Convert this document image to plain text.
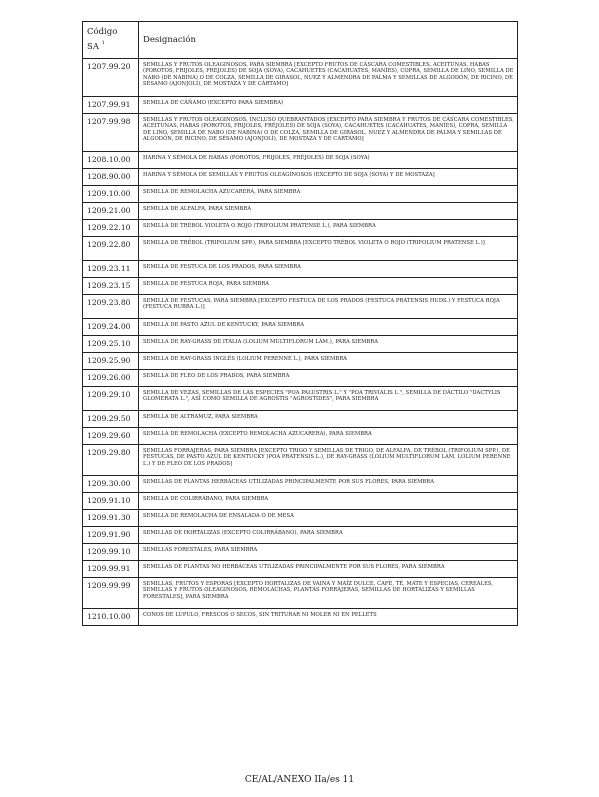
Código
SA $^1$	Designación
1207.99.20	SEMILLAS Y FRUTOS OLEAGINOSOS, PARA SIEMBRA [EXCEPTO FRUTOS DE CÁSCARA COMESTIBLES, ACEITUNAS, HABAS (POROTOS, FRIJOLES, FRÉJOLES) DE SOJA (SOYA), CACAHUETES (CACAHUATES, MANÍES), COPRA, SEMILLA DE LINO, SEMILLA DE NABO (DE NABINA) O DE COLZA, SEMILLA DE GIRASOL, NUEZ Y ALMENDRA DE PALMA Y SEMILLAS DE ALGODÓN, DE RICINO, DE SÉSAMO (AJONJOLÍ), DE MOSTAZA Y DE CÁRTAMO]
1207.99.91	SEMILLA DE CÁÑAMO (EXCEPTO PARA SIEMBRA)
1207.99.98	SEMILLAS Y FRUTOS OLEAGINOSOS, INCLUSO QUEBRANTADOS [EXCEPTO PARA SIEMBRA Y FRUTOS DE CÁSCARA COMESTIBLES, ACEITUNAS, HABAS (POROTOS, FRIJOLES, FRÉJOLES) DE SOJA (SOYA), CACAHUETES (CACAHUATES, MANÍES), COPRA, SEMILLA DE LINO, SEMILLA DE NABO (DE NABINA) O DE COLZA, SEMILLA DE GIRASOL, NUEZ Y ALMENDRA DE PALMA Y SEMILLAS DE ALGODÓN, DE RICINO, DE SÉSAMO (AJONJOLÍ), DE MOSTAZA Y DE CÁRTAMO]
1208.10.00	HARINA Y SÉMOLA DE HABAS (POROTOS, FRIJOLES, FRÉJOLES) DE SOJA (SOYA)
1208.90.00	HARINA Y SÉMOLA DE SEMILLAS Y FRUTOS OLEAGINOSOS (EXCEPTO DE SOJA (SOYA) Y DE MOSTAZA]
1209.10.00	SEMILLA DE REMOLACHA AZUCARERA, PARA SIEMBRA
1209.21.00	SEMILLA DE ALFALFA, PARA SIEMBRA
1209.22.10	SEMILLA DE TRÉBOL VIOLETA O ROJO (TRIFOLIUM PRATENSE L.), PARA SIEMBRA
1209.22.80	SEMILLA DE TRÉBOL (TRIFOLIUM SPP.), PARA SIEMBRA [EXCEPTO TRÉBOL VIOLETA O ROJO (TRIFOLIUM PRATENSE L.)]
1209.23.11	SEMILLA DE FESTUCA DE LOS PRADOS, PARA SIEMBRA
1209.23.15	SEMILLA DE FESTUCA ROJA, PARA SIEMBRA
1209.23.80	SEMILLA DE FESTUCAS, PARA SIEMBRA [EXCEPTO FESTUCA DE LOS PRADOS (FESTUCA PRATENSIS HUDS.) Y FESTUCA ROJA (FESTUCA RUBRA L.)]
1209.24.00	SEMILLA DE PASTO AZUL DE KENTUCKY, PARA SIEMBRA
1209.25.10	SEMILLA DE RAY-GRASS DE ITALIA (LOLIUM MULTIFLORUM LAM.), PARA SIEMBRA
1209.25.90	SEMILLA DE RAY-GRASS INGLÉS (LOLIUM PERENNE L.), PARA SIEMBRA
1209.26.00	SEMILLA DE FLEO DE LOS PRADOS, PARA SIEMBRA
1209.29.10	SEMILLA DE VEZAS, SEMILLAS DE LAS ESPECIES "POA PALUSTRIS L." Y "POA TRIVIALIS L.", SEMILLA DE DÁCTILO "DACTYLIS GLOMERATA L.", ASÍ COMO SEMILLA DE AGROSTIS "AGROSTIDES", PARA SIEMBRA
1209.29.50	SEMILLA DE ALTRAMUZ, PARA SIEMBRA
1209.29.60	SEMILLA DE REMOLACHA (EXCEPTO REMOLACHA AZUCARERA), PARA SIEMBRA
1209.29.80	SEMILLAS FORRAJERAS, PARA SIEMBRA [EXCEPTO TRIGO Y SEMILLAS DE TRIGO, DE ALFALFA, DE TRÉBOL (TRIFOLIUM SPP.), DE FESTUCAS, DE PASTO AZUL DE KENTUCKY (POA PRATENSIS L.), DE RAY-GRASS (LOLIUM MULTIFLORUM LAM, LOLIUM PERENNE L.) Y DE FLEO DE LOS PRADOS]
1209.30.00	SEMILLAS DE PLANTAS HERBÁCEAS UTILIZADAS PRINCIPALMENTE POR SUS FLORES, PARA SIEMBRA
1209.91.10	SEMILLA DE COLIRRÁBANO, PARA SIEMBRA
1209.91.30	SEMILLA DE REMOLACHA DE ENSALADA O DE MESA
1209.91.90	SEMILLAS DE HORTALIZAS (EXCEPTO COLIRRÁBANO), PARA SIEMBRA
1209.99.10	SEMILLAS FORESTALES, PARA SIEMBRA
1209.99.91	SEMILLAS DE PLANTAS NO HERBÁCEAS UTILIZADAS PRINCIPALMENTE POR SUS FLORES, PARA SIEMBRA
1209.99.99	SEMILLAS, FRUTOS Y ESPORAS [EXCEPTO HORTALIZAS DE VAINA Y MAÍZ DULCE, CAFÉ, TÉ, MATE Y ESPECIAS, CEREALES, SEMILLAS Y FRUTOS OLEAGINOSOS, REMOLACHAS, PLANTAS FORRAJERAS, SEMILLAS DE HORTALIZAS Y SEMILLAS FORESTALES], PARA SIEMBRA
1210.10.00	CONOS DE LÚPULO, FRESCOS O SECOS, SIN TRITURAR NI MOLER NI EN PELLETS
CE/AL/ANEXO IIa/es 11
